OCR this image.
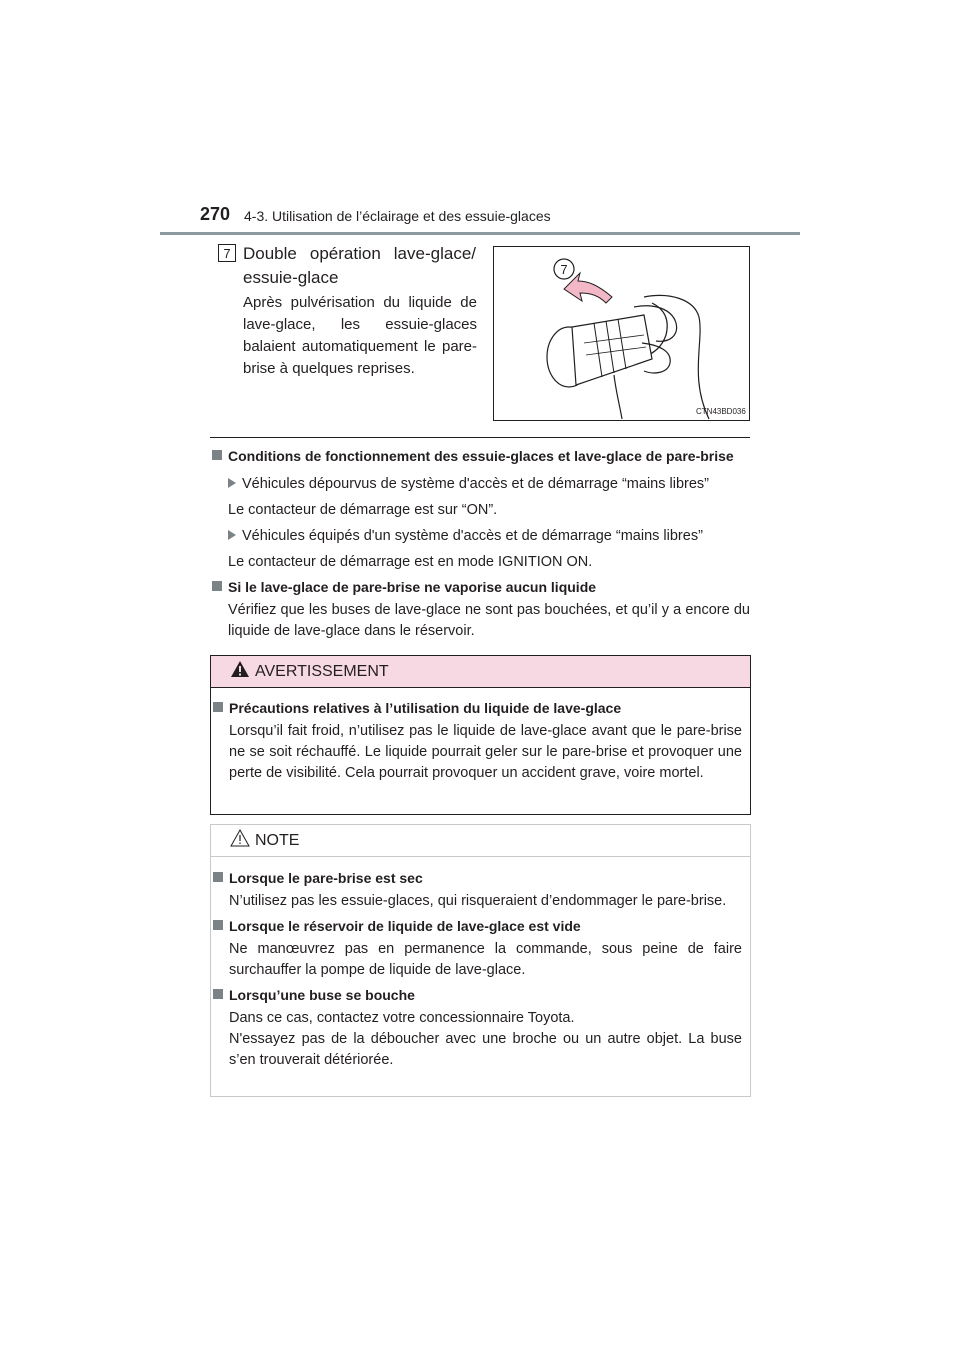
270 4-3. Utilisation de l’éclairage et des essuie-glaces
7 Double opération lave-glace/
essuie-glace
Après pulvérisation du liquide de lave-glace, les essuie-glaces balaient automatiquement le pare-brise à quelques reprises.
7
CTN43BD036
Conditions de fonctionnement des essuie-glaces et lave-glace de pare-brise
Véhicules dépourvus de système d'accès et de démarrage “mains libres”
Le contacteur de démarrage est sur “ON”.
Véhicules équipés d'un système d'accès et de démarrage “mains libres”
Le contacteur de démarrage est en mode IGNITION ON.
Si le lave-glace de pare-brise ne vaporise aucun liquide
Vérifiez que les buses de lave-glace ne sont pas bouchées, et qu’il y a encore du liquide de lave-glace dans le réservoir.
AVERTISSEMENT
Précautions relatives à l’utilisation du liquide de lave-glace
Lorsqu’il fait froid, n’utilisez pas le liquide de lave-glace avant que le pare-brise ne se soit réchauffé. Le liquide pourrait geler sur le pare-brise et provoquer une perte de visibilité. Cela pourrait provoquer un accident grave, voire mortel.
NOTE
Lorsque le pare-brise est sec
N’utilisez pas les essuie-glaces, qui risqueraient d’endommager le pare-brise.
Lorsque le réservoir de liquide de lave-glace est vide
Ne manœuvrez pas en permanence la commande, sous peine de faire surchauffer la pompe de liquide de lave-glace.
Lorsqu’une buse se bouche
Dans ce cas, contactez votre concessionnaire Toyota.
N'essayez pas de la déboucher avec une broche ou un autre objet. La buse s’en trouverait détériorée.
